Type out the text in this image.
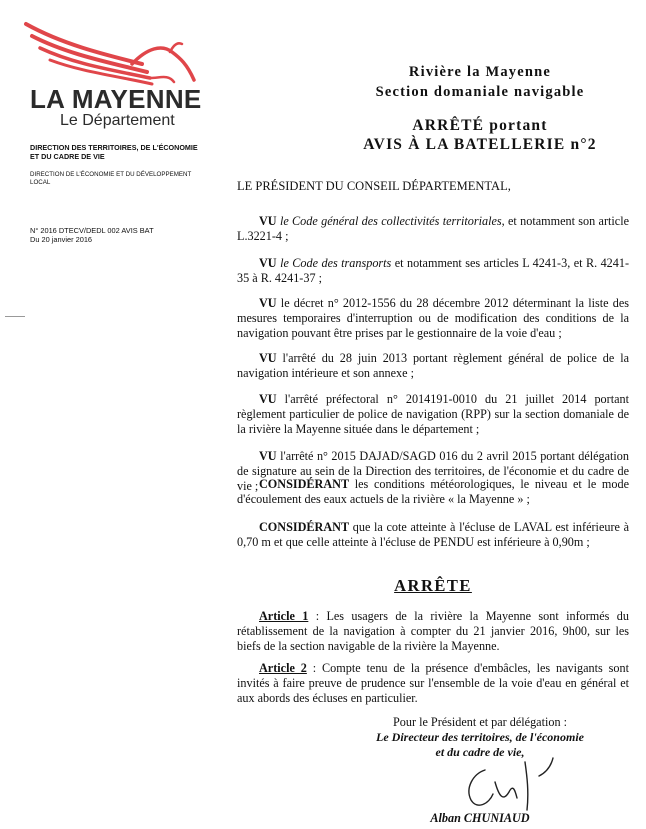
LA MAYENNE
Le Département
DIRECTION DES TERRITOIRES, DE L'ÉCONOMIE ET DU CADRE DE VIE
DIRECTION DE L'ÉCONOMIE ET DU DÉVELOPPEMENT LOCAL
N° 2016 DTECV/DEDL 002 AVIS BAT
Du 20 janvier 2016
Rivière la Mayenne
Section domaniale navigable
ARRÊTÉ portant
AVIS À LA BATELLERIE n°2
LE PRÉSIDENT DU CONSEIL DÉPARTEMENTAL,
VU le Code général des collectivités territoriales, et notamment son article L.3221-4 ;
VU le Code des transports et notamment ses articles L 4241-3, et R. 4241-35 à R. 4241-37 ;
VU le décret n° 2012-1556 du 28 décembre 2012 déterminant la liste des mesures temporaires d'interruption ou de modification des conditions de la navigation pouvant être prises par le gestionnaire de la voie d'eau ;
VU l'arrêté du 28 juin 2013 portant règlement général de police de la navigation intérieure et son annexe ;
VU l'arrêté préfectoral n° 2014191-0010 du 21 juillet 2014 portant règlement particulier de police de navigation (RPP) sur la section domaniale de la rivière la Mayenne située dans le département ;
VU l'arrêté n° 2015 DAJAD/SAGD 016 du 2 avril 2015 portant délégation de signature au sein de la Direction des territoires, de l'économie et du cadre de vie ; CONSIDÉRANT les conditions météorologiques, le niveau et le mode d'écoulement des eaux actuels de la rivière « la Mayenne » ;
CONSIDÉRANT que la cote atteinte à l'écluse de LAVAL est inférieure à 0,70 m et que celle atteinte à l'écluse de PENDU est inférieure à 0,90m ;
ARRÊTE
Article 1 : Les usagers de la rivière la Mayenne sont informés du rétablissement de la navigation à compter du 21 janvier 2016, 9h00, sur les biefs de la section navigable de la rivière la Mayenne.
Article 2 : Compte tenu de la présence d'embâcles, les navigants sont invités à faire preuve de prudence sur l'ensemble de la voie d'eau en général et aux abords des écluses en particulier.
Pour le Président et par délégation :
Le Directeur des territoires, de l'économie
et du cadre de vie,
Alban CHUNIAUD
